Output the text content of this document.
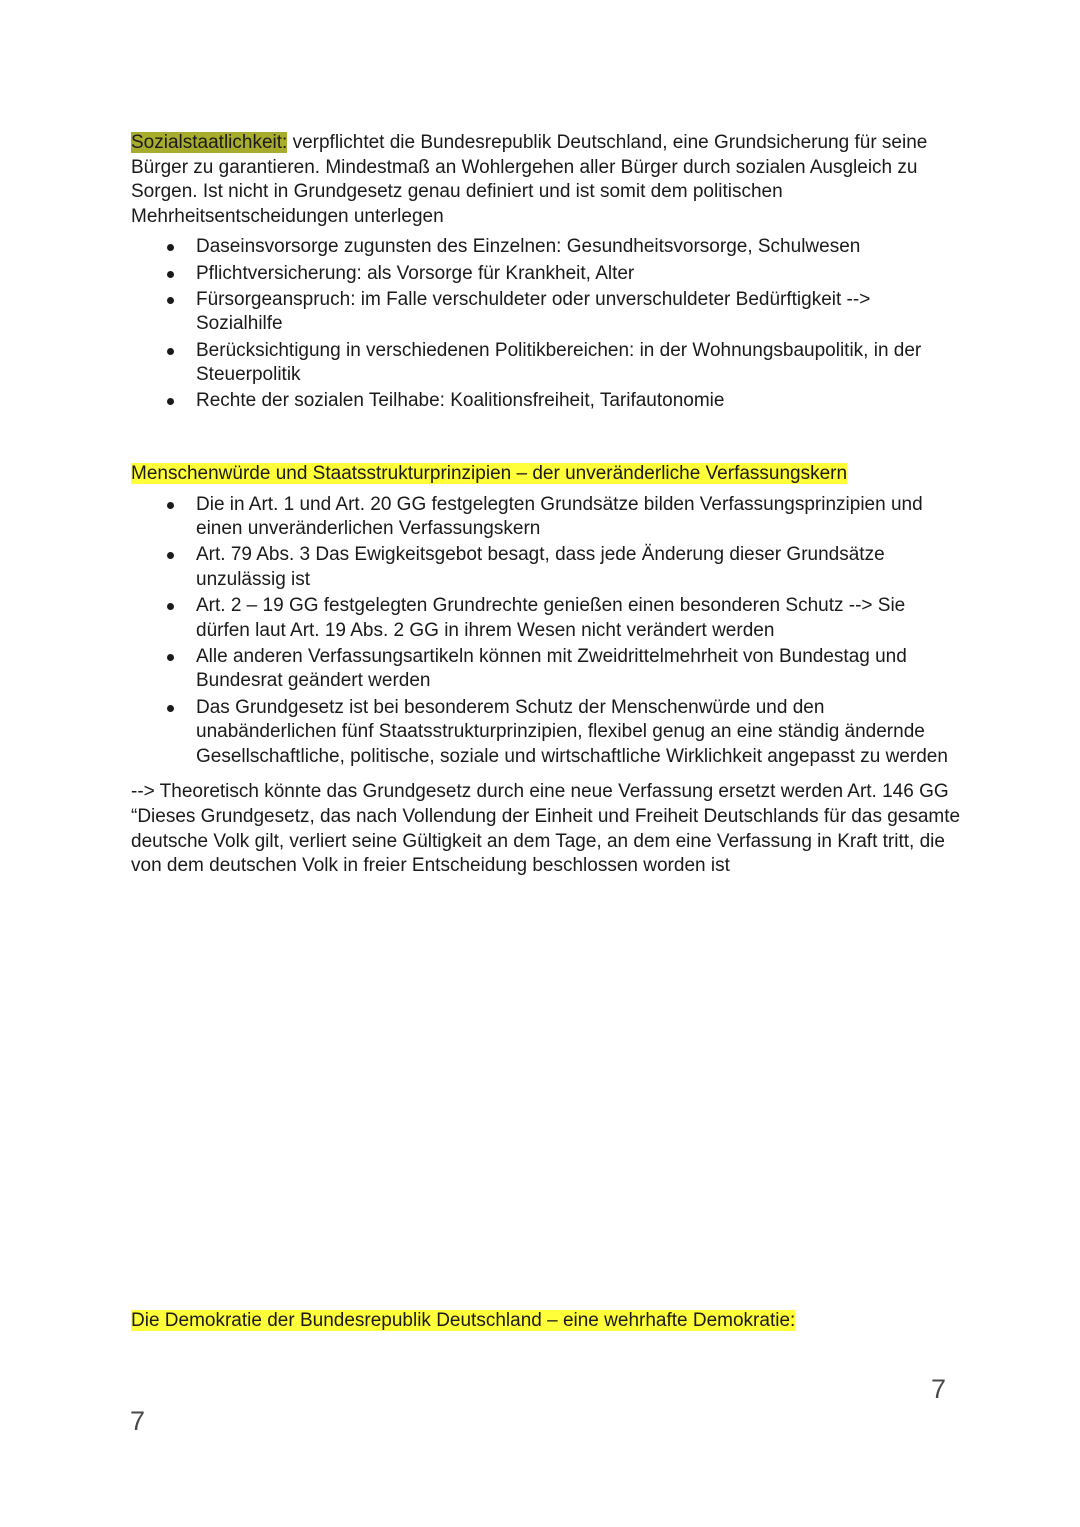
Sozialstaatlichkeit: verpflichtet die Bundesrepublik Deutschland, eine Grundsicherung für seine Bürger zu garantieren. Mindestmaß an Wohlergehen aller Bürger durch sozialen Ausgleich zu Sorgen. Ist nicht in Grundgesetz genau definiert und ist somit dem politischen Mehrheitsentscheidungen unterlegen

Daseinsvorsorge zugunsten des Einzelnen: Gesundheitsvorsorge, Schulwesen
Pflichtversicherung: als Vorsorge für Krankheit, Alter
Fürsorgeanspruch: im Falle verschuldeter oder unverschuldeter Bedürftigkeit --> Sozialhilfe
Berücksichtigung in verschiedenen Politikbereichen: in der Wohnungsbaupolitik, in der Steuerpolitik
Rechte der sozialen Teilhabe: Koalitionsfreiheit, Tarifautonomie

Menschenwürde und Staatsstrukturprinzipien – der unveränderliche Verfassungskern

Die in Art. 1 und Art. 20 GG festgelegten Grundsätze bilden Verfassungsprinzipien und einen unveränderlichen Verfassungskern
Art. 79 Abs. 3 Das Ewigkeitsgebot besagt, dass jede Änderung dieser Grundsätze unzulässig ist
Art. 2 – 19 GG festgelegten Grundrechte genießen einen besonderen Schutz --> Sie dürfen laut Art. 19 Abs. 2 GG in ihrem Wesen nicht verändert werden
Alle anderen Verfassungsartikeln können mit Zweidrittelmehrheit von Bundestag und Bundesrat geändert werden
Das Grundgesetz ist bei besonderem Schutz der Menschenwürde und den unabänderlichen fünf Staatsstrukturprinzipien, flexibel genug an eine ständig ändernde Gesellschaftliche, politische, soziale und wirtschaftliche Wirklichkeit angepasst zu werden

--> Theoretisch könnte das Grundgesetz durch eine neue Verfassung ersetzt werden Art. 146 GG “Dieses Grundgesetz, das nach Vollendung der Einheit und Freiheit Deutschlands für das gesamte deutsche Volk gilt, verliert seine Gültigkeit an dem Tage, an dem eine Verfassung in Kraft tritt, die von dem deutschen Volk in freier Entscheidung beschlossen worden ist

Die Demokratie der Bundesrepublik Deutschland – eine wehrhafte Demokratie:
7
7
